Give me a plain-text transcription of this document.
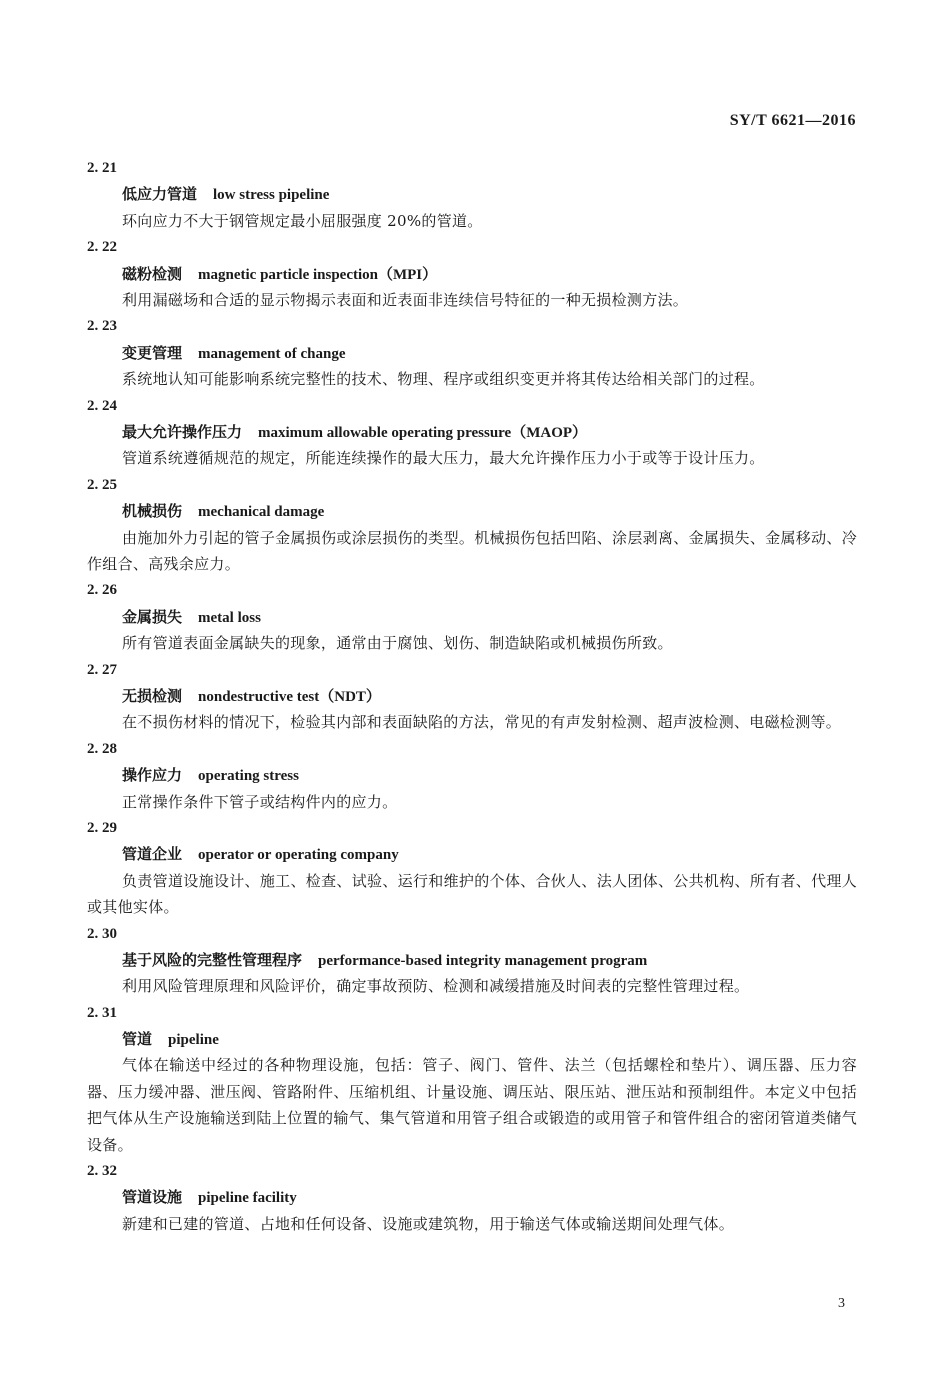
SY/T 6621—2016
2. 21
低应力管道 low stress pipeline
环向应力不大于钢管规定最小屈服强度 20%的管道。
2. 22
磁粉检测 magnetic particle inspection（MPI）
利用漏磁场和合适的显示物揭示表面和近表面非连续信号特征的一种无损检测方法。
2. 23
变更管理 management of change
系统地认知可能影响系统完整性的技术、物理、程序或组织变更并将其传达给相关部门的过程。
2. 24
最大允许操作压力 maximum allowable operating pressure（MAOP）
管道系统遵循规范的规定，所能连续操作的最大压力，最大允许操作压力小于或等于设计压力。
2. 25
机械损伤 mechanical damage
由施加外力引起的管子金属损伤或涂层损伤的类型。机械损伤包括凹陷、涂层剥离、金属损失、金属移动、冷作组合、高残余应力。
2. 26
金属损失 metal loss
所有管道表面金属缺失的现象，通常由于腐蚀、划伤、制造缺陷或机械损伤所致。
2. 27
无损检测 nondestructive test（NDT）
在不损伤材料的情况下，检验其内部和表面缺陷的方法，常见的有声发射检测、超声波检测、电磁检测等。
2. 28
操作应力 operating stress
正常操作条件下管子或结构件内的应力。
2. 29
管道企业 operator or operating company
负责管道设施设计、施工、检查、试验、运行和维护的个体、合伙人、法人团体、公共机构、所有者、代理人或其他实体。
2. 30
基于风险的完整性管理程序 performance-based integrity management program
利用风险管理原理和风险评价，确定事故预防、检测和减缓措施及时间表的完整性管理过程。
2. 31
管道 pipeline
气体在输送中经过的各种物理设施，包括：管子、阀门、管件、法兰（包括螺栓和垫片）、调压器、压力容器、压力缓冲器、泄压阀、管路附件、压缩机组、计量设施、调压站、限压站、泄压站和预制组件。本定义中包括把气体从生产设施输送到陆上位置的输气、集气管道和用管子组合或锻造的或用管子和管件组合的密闭管道类储气设备。
2. 32
管道设施 pipeline facility
新建和已建的管道、占地和任何设备、设施或建筑物，用于输送气体或输送期间处理气体。
3
